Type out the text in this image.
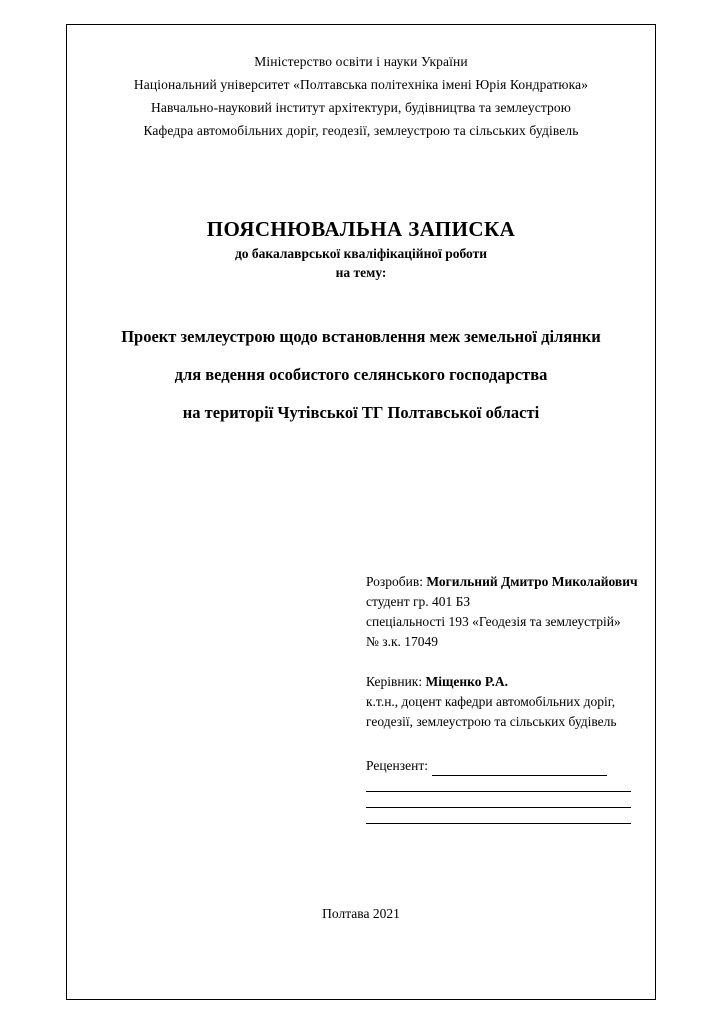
Міністерство освіти і науки України
Національний університет «Полтавська політехніка імені Юрія Кондратюка»
Навчально-науковий інститут архітектури, будівництва та землеустрою
Кафедра автомобільних доріг, геодезії, землеустрою та сільських будівель
ПОЯСНЮВАЛЬНА ЗАПИСКА
до бакалаврської кваліфікаційної роботи
на тему:
Проект землеустрою щодо встановлення меж земельної ділянки
для ведення особистого селянського господарства
на території Чутівської ТГ Полтавської області
Розробив: Могильний Дмитро Миколайович
студент гр. 401 БЗ
спеціальності 193 «Геодезія та землеустрій»
№ з.к. 17049
Керівник: Міщенко Р.А.
к.т.н., доцент кафедри автомобільних доріг,
геодезії, землеустрою та сільських будівель
Рецензент:
Полтава 2021
